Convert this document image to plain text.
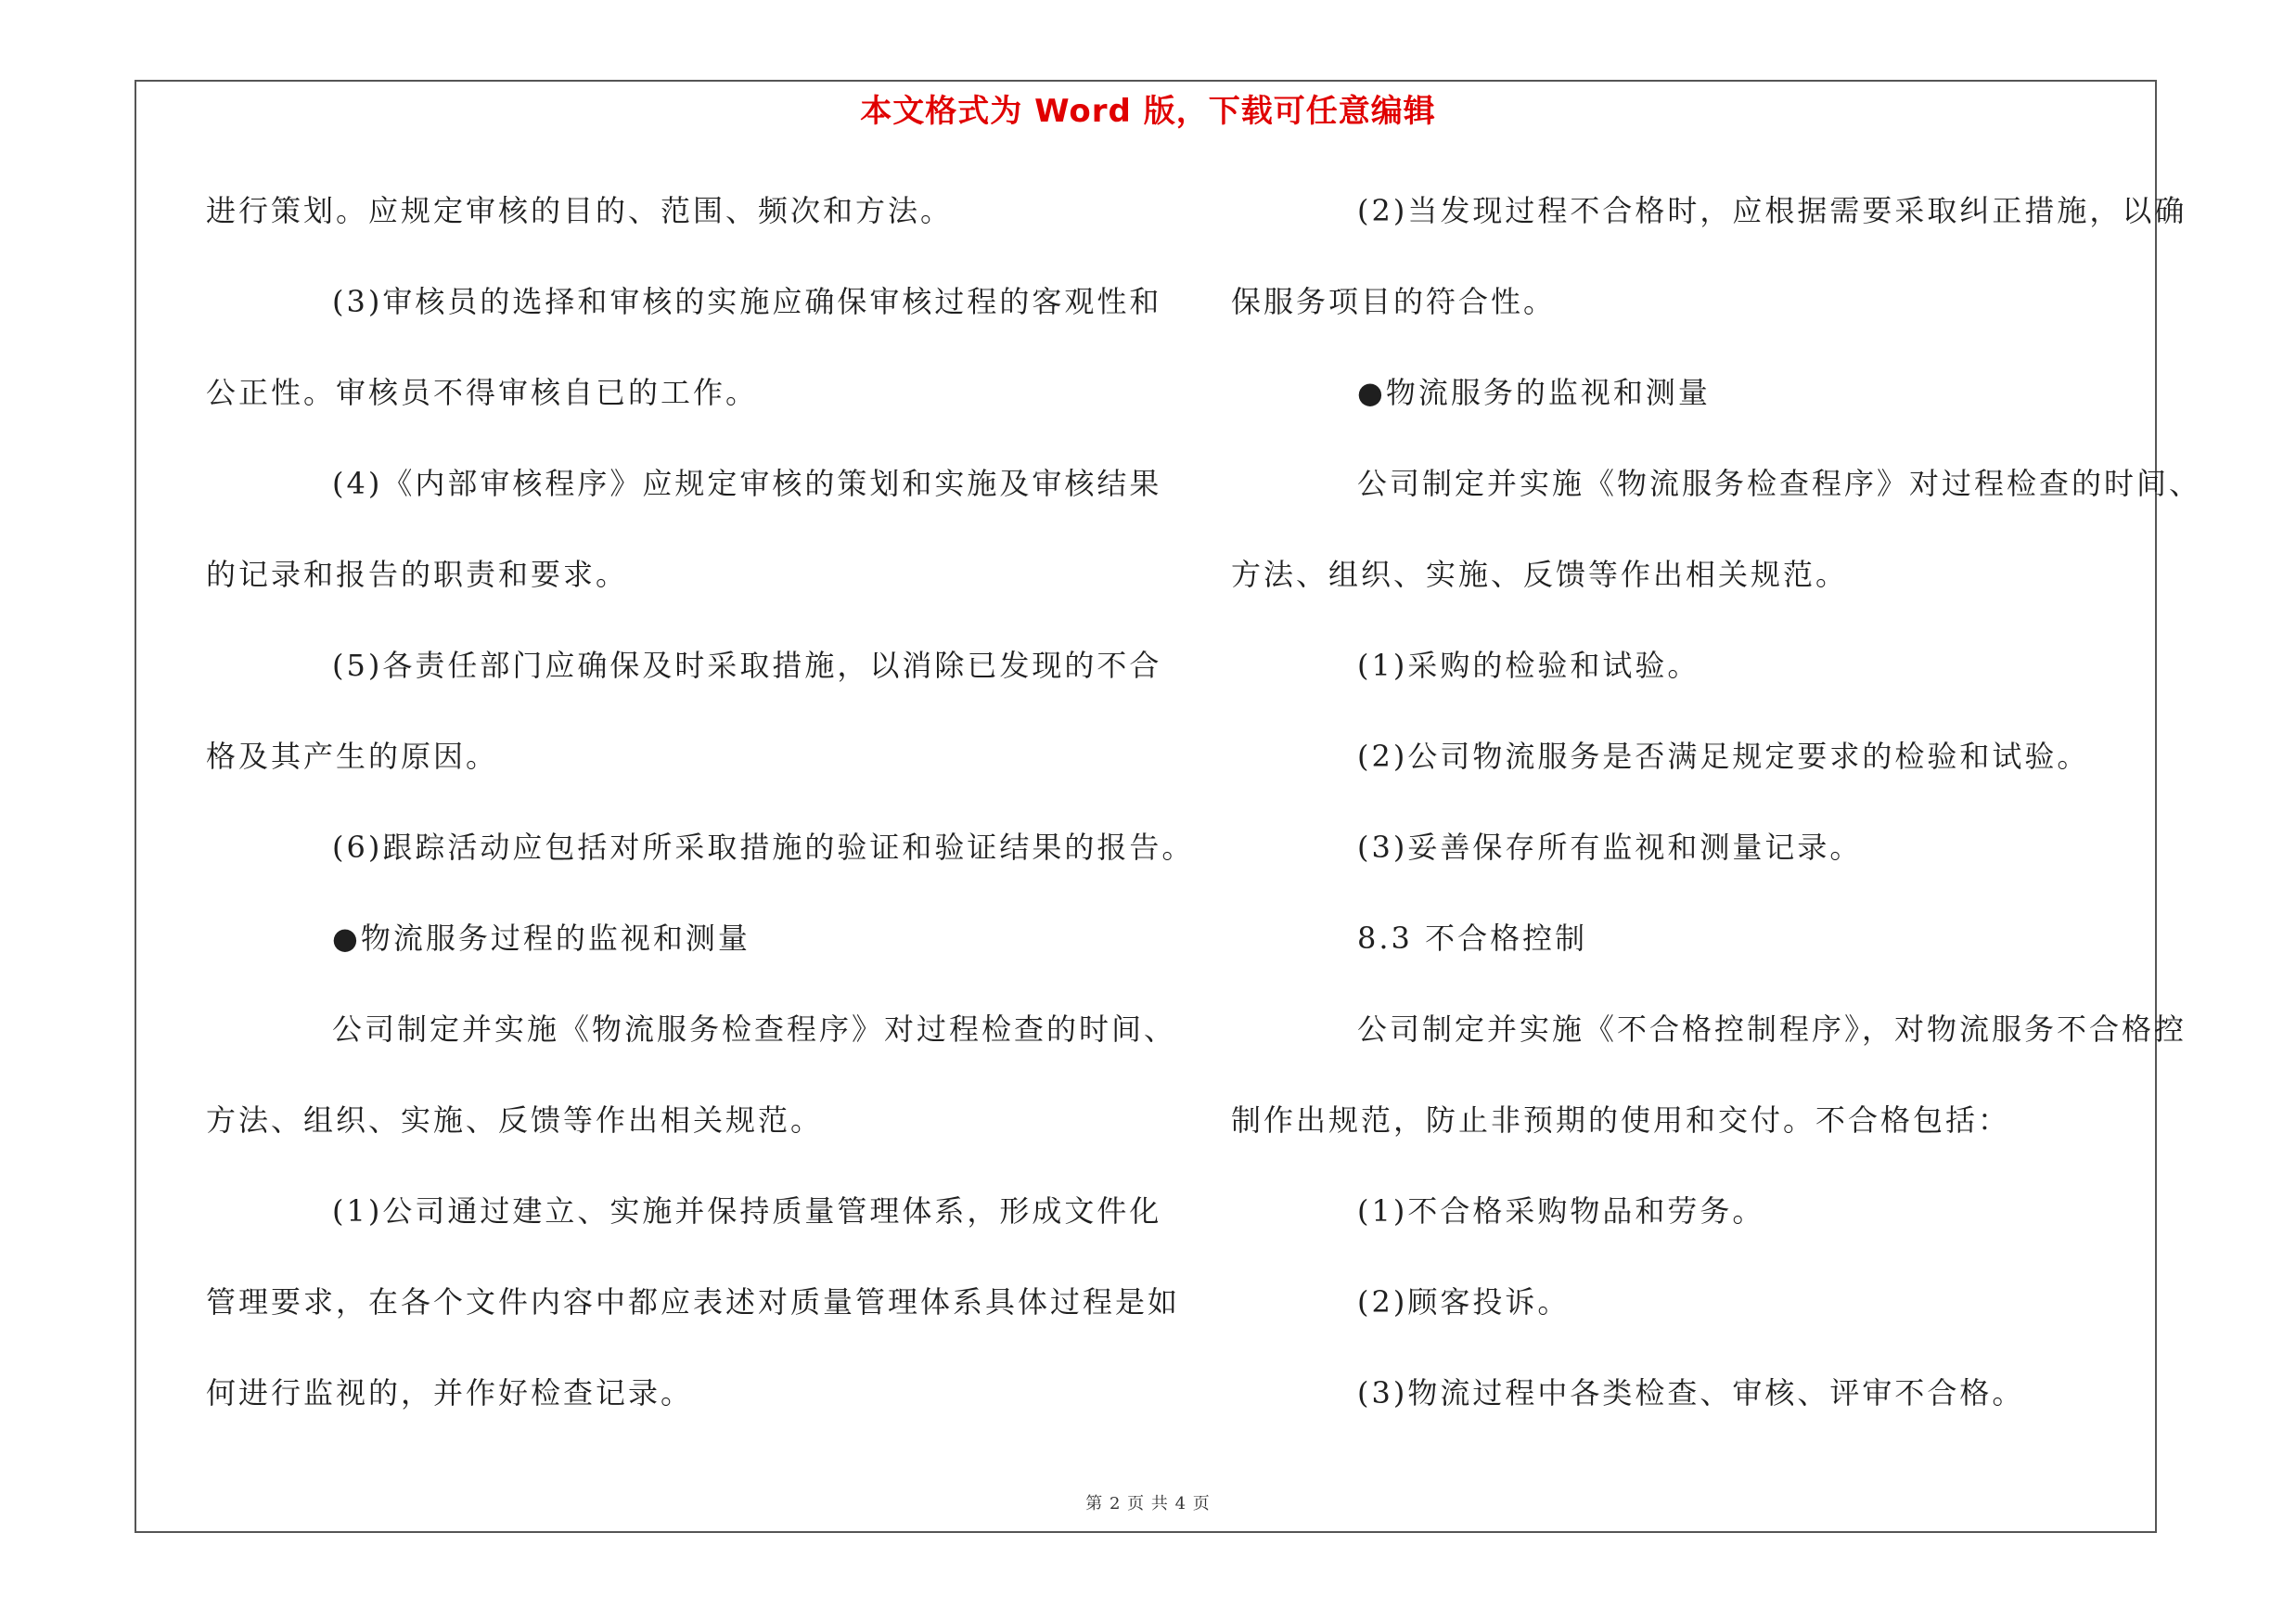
本文格式为 Word 版，下载可任意编辑
进行策划。应规定审核的目的、范围、频次和方法。
(3)审核员的选择和审核的实施应确保审核过程的客观性和
公正性。审核员不得审核自已的工作。
(4)《内部审核程序》应规定审核的策划和实施及审核结果
的记录和报告的职责和要求。
(5)各责任部门应确保及时采取措施，以消除已发现的不合
格及其产生的原因。
(6)跟踪活动应包括对所采取措施的验证和验证结果的报告。
●物流服务过程的监视和测量
公司制定并实施《物流服务检查程序》对过程检查的时间、
方法、组织、实施、反馈等作出相关规范。
(1)公司通过建立、实施并保持质量管理体系，形成文件化
管理要求，在各个文件内容中都应表述对质量管理体系具体过程是如
何进行监视的，并作好检查记录。
(2)当发现过程不合格时，应根据需要采取纠正措施，以确
保服务项目的符合性。
●物流服务的监视和测量
公司制定并实施《物流服务检查程序》对过程检查的时间、
方法、组织、实施、反馈等作出相关规范。
(1)采购的检验和试验。
(2)公司物流服务是否满足规定要求的检验和试验。
(3)妥善保存所有监视和测量记录。
8.3 不合格控制
公司制定并实施《不合格控制程序》，对物流服务不合格控
制作出规范，防止非预期的使用和交付。不合格包括：
(1)不合格采购物品和劳务。
(2)顾客投诉。
(3)物流过程中各类检查、审核、评审不合格。
第 2 页 共 4 页
